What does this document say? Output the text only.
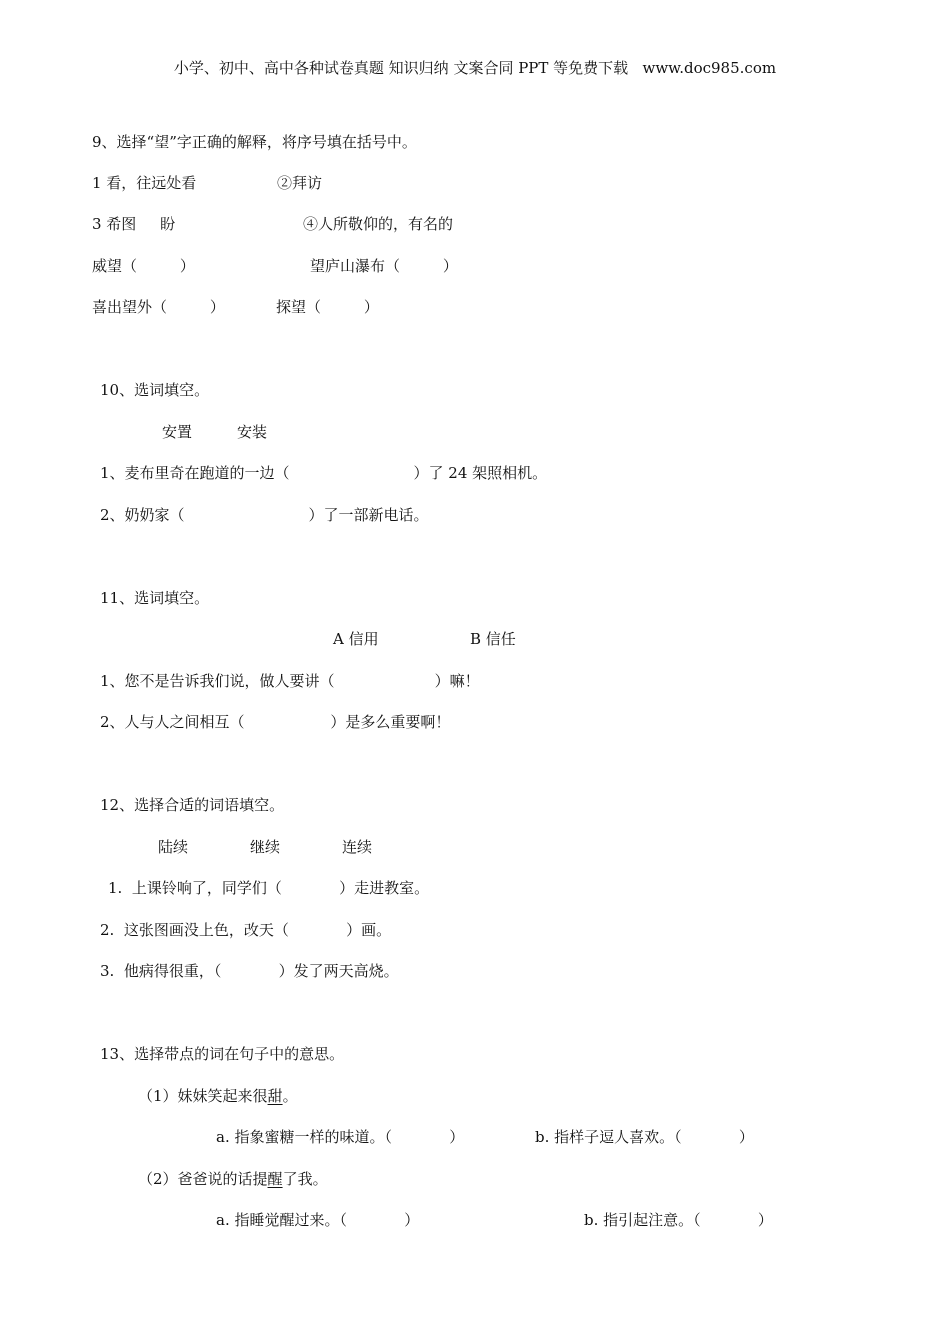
小学、初中、高中各种试卷真题 知识归纳 文案合同 PPT 等免费下载   www.doc985.com
9、选择“望”字正确的解释，将序号填在括号中。
1 看，往远处看	②拜访
3 希图     盼	④人所敬仰的，有名的
威望（         ）	望庐山瀑布（         ）
喜出望外（         ）	探望（         ）
10、选词填空。
安置	安装
1、麦布里奇在跑道的一边（                          ）了 24 架照相机。
2、奶奶家（                          ）了一部新电话。
11、选词填空。
A 信用	B 信任
1、您不是告诉我们说，做人要讲（                     ）嘛！
2、人与人之间相互（                  ）是多么重要啊！
12、选择合适的词语填空。
陆续	继续	连续
1.  上课铃响了，同学们（            ）走进教室。
2.  这张图画没上色，改天（            ）画。
3.  他病得很重，（            ）发了两天高烧。
13、选择带点的词在句子中的意思。
（1）妹妹笑起来很甜。
a. 指象蜜糖一样的味道。（            ）	b. 指样子逗人喜欢。（            ）
（2）爸爸说的话提醒了我。
a. 指睡觉醒过来。（            ）	b. 指引起注意。（            ）
